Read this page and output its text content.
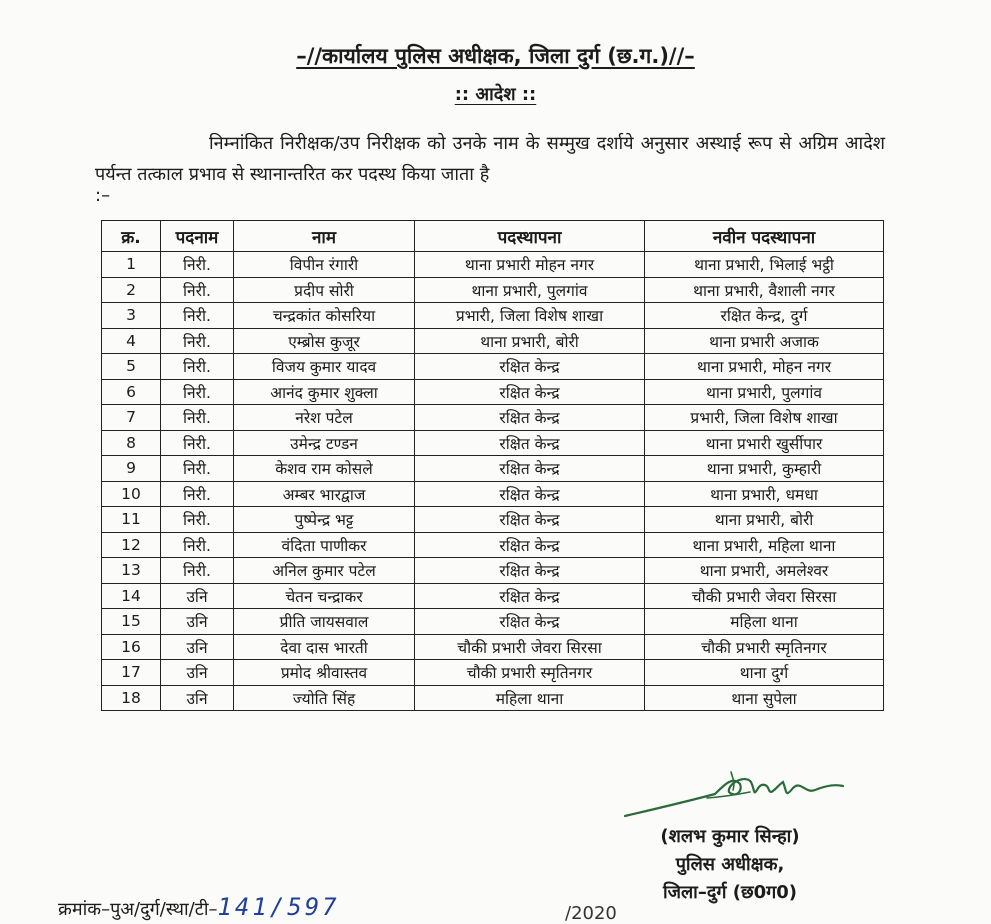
–//कार्यालय पुलिस अधीक्षक, जिला दुर्ग (छ.ग.)//–
:: आदेश ::
निम्नांकित निरीक्षक/उप निरीक्षक को उनके नाम के सम्मुख दर्शाये अनुसार अस्थाई रूप से अग्रिम आदेश पर्यन्त तत्काल प्रभाव से स्थानान्तरित कर पदस्थ किया जाता है
:–
क्र.	पदनाम	नाम	पदस्थापना	नवीन पदस्थापना
1	निरी.	विपीन रंगारी	थाना प्रभारी मोहन नगर	थाना प्रभारी, भिलाई भट्ठी
2	निरी.	प्रदीप सोरी	थाना प्रभारी, पुलगांव	थाना प्रभारी, वैशाली नगर
3	निरी.	चन्द्रकांत कोसरिया	प्रभारी, जिला विशेष शाखा	रक्षित केन्द्र, दुर्ग
4	निरी.	एम्ब्रोस कुजूर	थाना प्रभारी, बोरी	थाना प्रभारी अजाक
5	निरी.	विजय कुमार यादव	रक्षित केन्द्र	थाना प्रभारी, मोहन नगर
6	निरी.	आनंद कुमार शुक्ला	रक्षित केन्द्र	थाना प्रभारी, पुलगांव
7	निरी.	नरेश पटेल	रक्षित केन्द्र	प्रभारी, जिला विशेष शाखा
8	निरी.	उमेन्द्र टण्डन	रक्षित केन्द्र	थाना प्रभारी खुर्सीपार
9	निरी.	केशव राम कोसले	रक्षित केन्द्र	थाना प्रभारी, कुम्हारी
10	निरी.	अम्बर भारद्वाज	रक्षित केन्द्र	थाना प्रभारी, धमधा
11	निरी.	पुष्पेन्द्र भट्ट	रक्षित केन्द्र	थाना प्रभारी, बोरी
12	निरी.	वंदिता पाणीकर	रक्षित केन्द्र	थाना प्रभारी, महिला थाना
13	निरी.	अनिल कुमार पटेल	रक्षित केन्द्र	थाना प्रभारी, अमलेश्वर
14	उनि	चेतन चन्द्राकर	रक्षित केन्द्र	चौकी प्रभारी जेवरा सिरसा
15	उनि	प्रीति जायसवाल	रक्षित केन्द्र	महिला थाना
16	उनि	देवा दास भारती	चौकी प्रभारी जेवरा सिरसा	चौकी प्रभारी स्मृतिनगर
17	उनि	प्रमोद श्रीवास्तव	चौकी प्रभारी स्मृतिनगर	थाना दुर्ग
18	उनि	ज्योति सिंह	महिला थाना	थाना सुपेला
(शलभ कुमार सिन्हा)
पुलिस अधीक्षक,
जिला–दुर्ग (छ0ग0)
क्रमांक–पुअ/दुर्ग/स्था/टी–141/597	/2020
